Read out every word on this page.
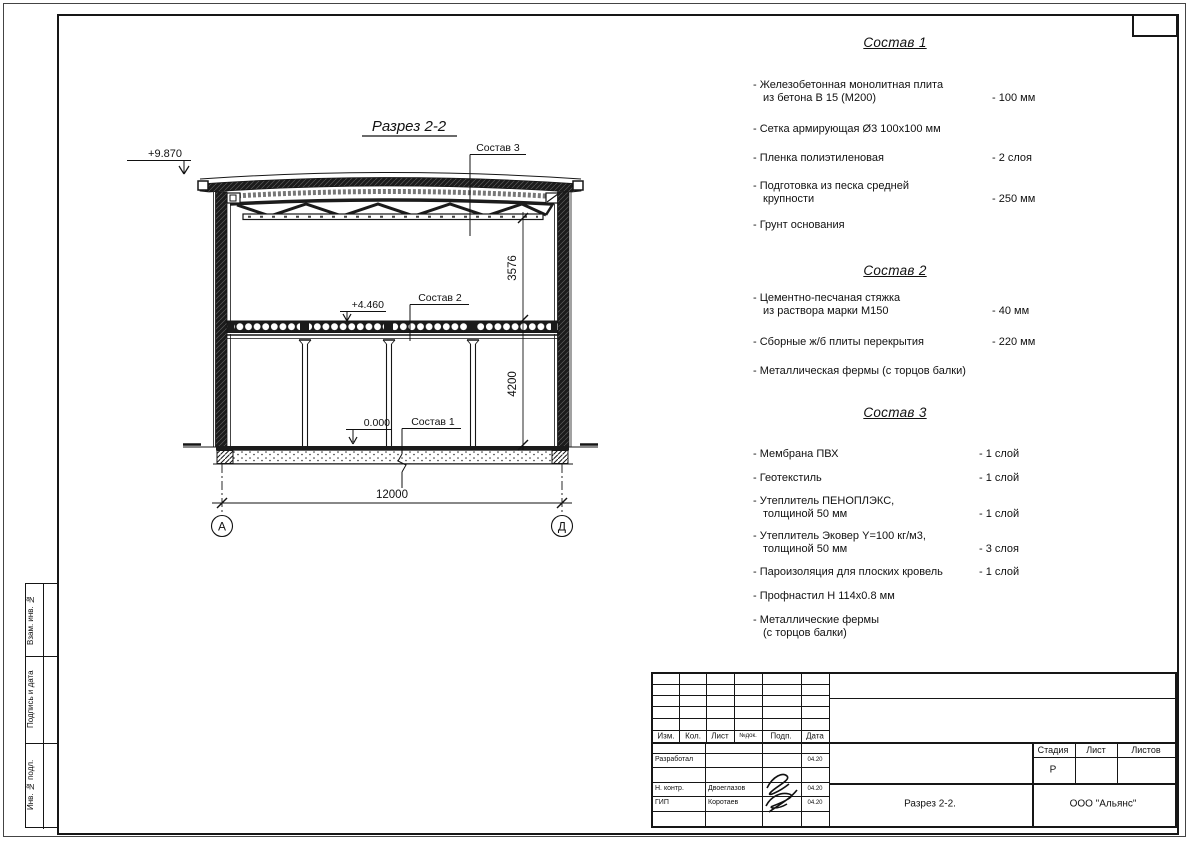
Разрез 2-2
+9.870
+4.460
0.000
Состав 3
Состав 2
Состав 1
3576
4200
12000
А	Д
Состав 1
- Железобетонная монолитная плита
из бетона В 15 (М200)	- 100 мм
- Сетка армирующая Ø3 100х100 мм
- Пленка полиэтиленовая	- 2 слоя
- Подготовка из песка средней
крупности	- 250 мм
- Грунт основания
Состав 2
- Цементно-песчаная стяжка
из раствора марки М150	- 40 мм
- Сборные ж/б плиты перекрытия	- 220 мм
- Металлическая фермы (с торцов балки)
Состав 3
- Мембрана ПВХ	- 1 слой
- Геотекстиль	- 1 слой
- Утеплитель ПЕНОПЛЭКС,
толщиной 50 мм	- 1 слой
- Утеплитель Эковер Y=100 кг/м3,
толщиной 50 мм	- 3 слоя
- Пароизоляция для плоских кровель	- 1 слой
- Профнастил Н 114х0.8 мм
- Металлические фермы
(с торцов балки)
Взам. инв. №
Подпись и дата
Инв. № подл.
Изм. Кол. Лист №док. Подп. Дата
Разработал	04.20
Н. контр.	Двоеглазов	04.20
ГИП	Коротаев	04.20
Стадия Лист	Листов
Р
Разрез 2-2.	ООО "Альянс"
